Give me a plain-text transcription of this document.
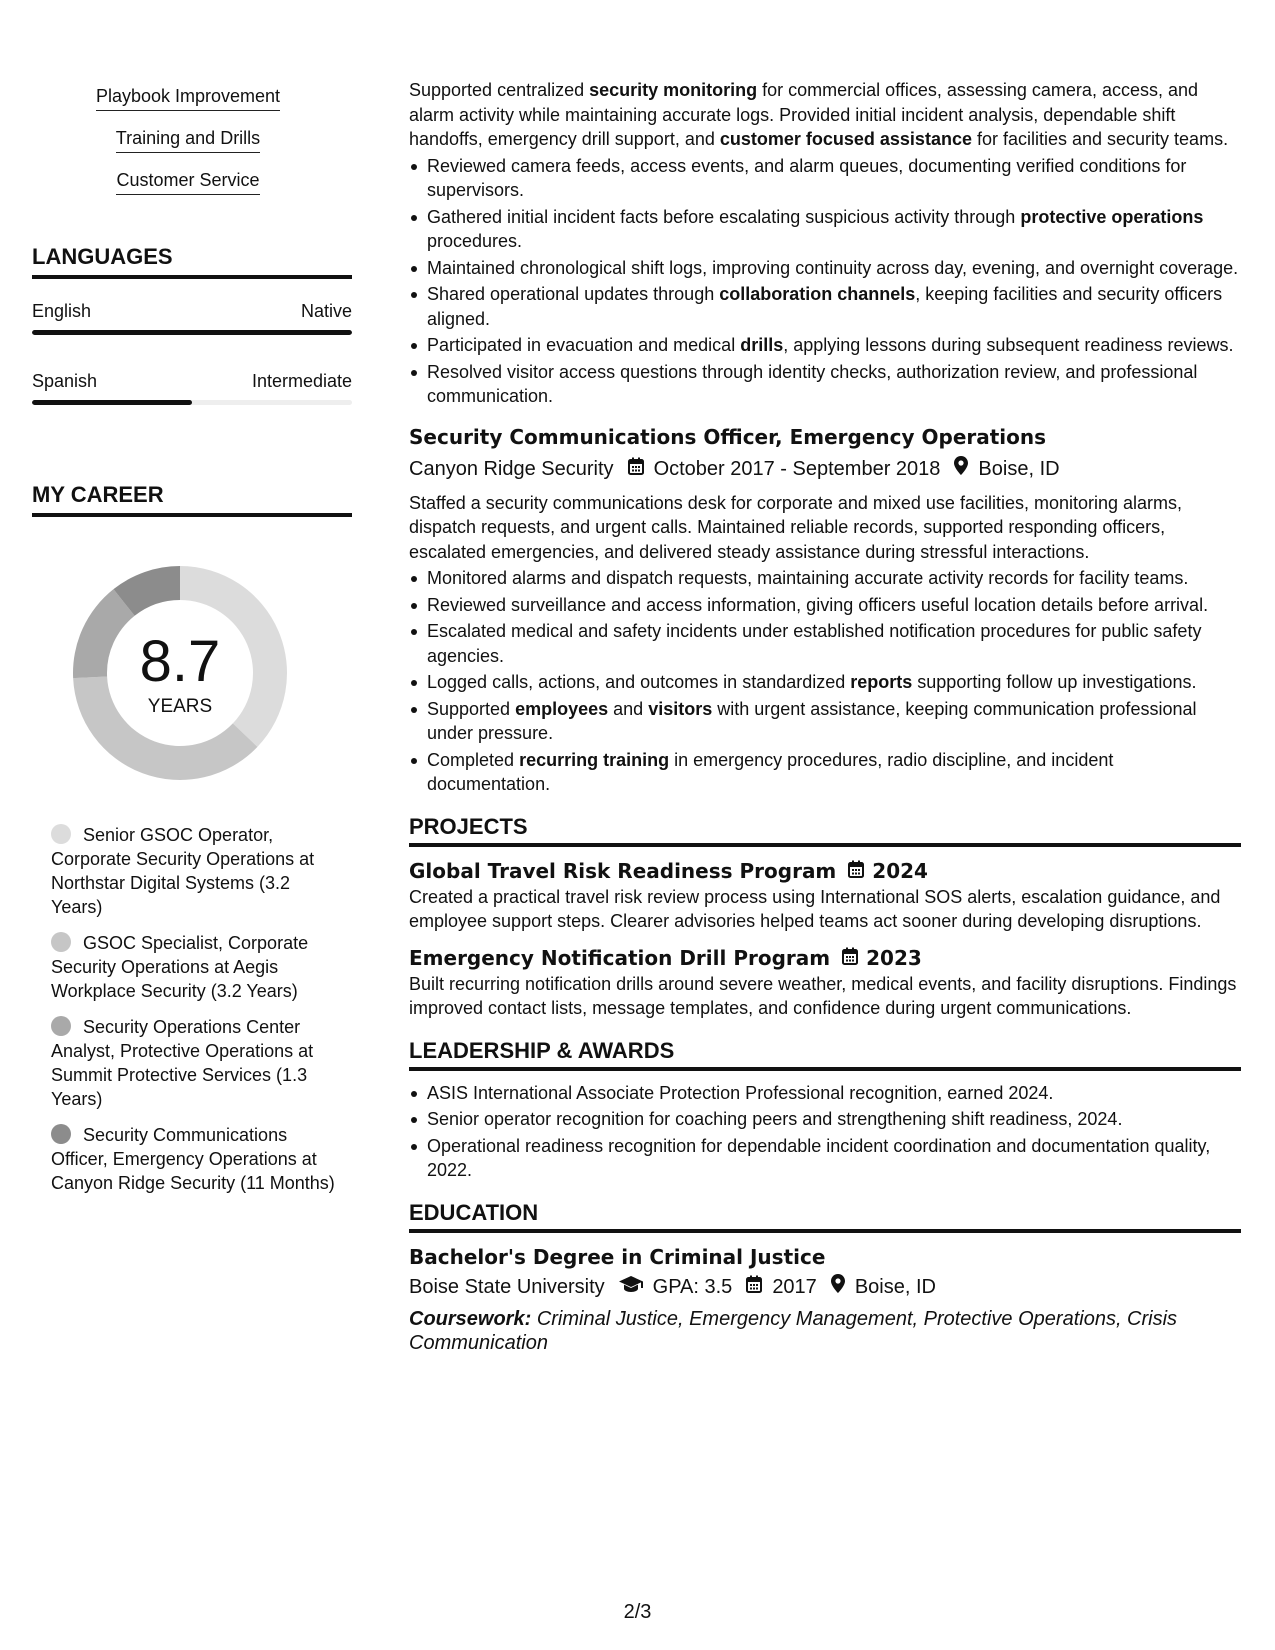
Playbook Improvement
Training and Drills
Customer Service
LANGUAGES
English	Native
Spanish	Intermediate
MY CAREER
8.7
YEARS
Senior GSOC Operator, Corporate Security Operations at Northstar Digital Systems (3.2 Years)
GSOC Specialist, Corporate Security Operations at Aegis Workplace Security (3.2 Years)
Security Operations Center Analyst, Protective Operations at Summit Protective Services (1.3 Years)
Security Communications Officer, Emergency Operations at Canyon Ridge Security (11 Months)

Supported centralized security monitoring for commercial offices, assessing camera, access, and alarm activity while maintaining accurate logs. Provided initial incident analysis, dependable shift handoffs, emergency drill support, and customer focused assistance for facilities and security teams.

Reviewed camera feeds, access events, and alarm queues, documenting verified conditions for supervisors.
Gathered initial incident facts before escalating suspicious activity through protective operations procedures.
Maintained chronological shift logs, improving continuity across day, evening, and overnight coverage.
Shared operational updates through collaboration channels, keeping facilities and security officers aligned.
Participated in evacuation and medical drills, applying lessons during subsequent readiness reviews.
Resolved visitor access questions through identity checks, authorization review, and professional communication.
Security Communications Officer, Emergency Operations
Canyon Ridge Security October 2017 - September 2018 Boise, ID

Staffed a security communications desk for corporate and mixed use facilities, monitoring alarms, dispatch requests, and urgent calls. Maintained reliable records, supported responding officers, escalated emergencies, and delivered steady assistance during stressful interactions.

Monitored alarms and dispatch requests, maintaining accurate activity records for facility teams.
Reviewed surveillance and access information, giving officers useful location details before arrival.
Escalated medical and safety incidents under established notification procedures for public safety agencies.
Logged calls, actions, and outcomes in standardized reports supporting follow up investigations.
Supported employees and visitors with urgent assistance, keeping communication professional under pressure.
Completed recurring training in emergency procedures, radio discipline, and incident documentation.
PROJECTS
Global Travel Risk Readiness Program 2024

Created a practical travel risk review process using International SOS alerts, escalation guidance, and employee support steps. Clearer advisories helped teams act sooner during developing disruptions.

Emergency Notification Drill Program 2023

Built recurring notification drills around severe weather, medical events, and facility disruptions. Findings improved contact lists, message templates, and confidence during urgent communications.

LEADERSHIP & AWARDS
ASIS International Associate Protection Professional recognition, earned 2024.
Senior operator recognition for coaching peers and strengthening shift readiness, 2024.
Operational readiness recognition for dependable incident coordination and documentation quality, 2022.
EDUCATION
Bachelor's Degree in Criminal Justice
Boise State University GPA: 3.5 2017 Boise, ID

Coursework: Criminal Justice, Emergency Management, Protective Operations, Crisis Communication

2/3
